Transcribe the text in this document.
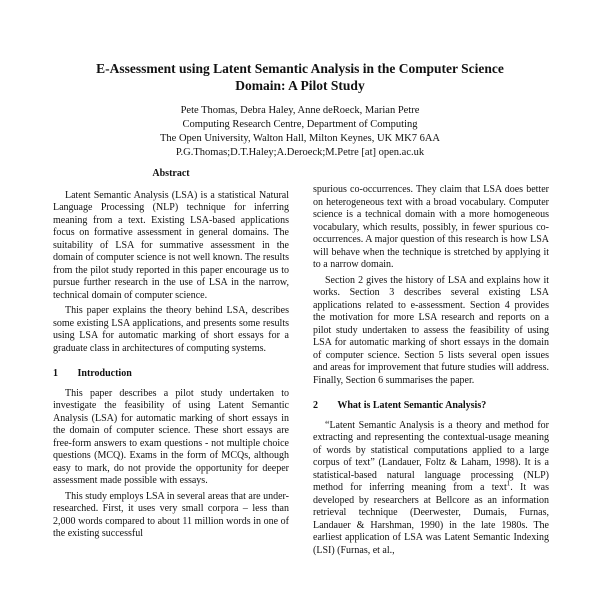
E-Assessment using Latent Semantic Analysis in the Computer Science
Domain: A Pilot Study
Pete Thomas, Debra Haley, Anne deRoeck, Marian Petre
Computing Research Centre, Department of Computing
The Open University, Walton Hall, Milton Keynes, UK MK7 6AA
P.G.Thomas;D.T.Haley;A.Deroeck;M.Petre [at] open.ac.uk
Abstract

Latent Semantic Analysis (LSA) is a statistical Natural Language Processing (NLP) technique for inferring meaning from a text. Existing LSA-based applications focus on formative assessment in general domains. The suitability of LSA for summative assessment in the domain of computer science is not well known. The results from the pilot study reported in this paper encourage us to pursue further research in the use of LSA in the narrow, technical domain of computer science.

This paper explains the theory behind LSA, describes some existing LSA applications, and presents some results using LSA for automatic marking of short essays for a graduate class in architectures of computing systems.

1 Introduction

This paper describes a pilot study undertaken to investigate the feasibility of using Latent Semantic Analysis (LSA) for automatic marking of short essays in the domain of computer science. These short essays are free-form answers to exam questions - not multiple choice questions (MCQ). Exams in the form of MCQs, although easy to mark, do not provide the opportunity for deeper assessment made possible with essays.

This study employs LSA in several areas that are under-researched. First, it uses very small corpora – less than 2,000 words compared to about 11 million words in one of the existing successful

spurious co-occurrences. They claim that LSA does better on heterogeneous text with a broad vocabulary. Computer science is a technical domain with a more homogeneous vocabulary, which results, possibly, in fewer spurious co-occurrences. A major question of this research is how LSA will behave when the technique is stretched by applying it to a narrow domain.

Section 2 gives the history of LSA and explains how it works. Section 3 describes several existing LSA applications related to e-assessment. Section 4 provides the motivation for more LSA research and reports on a pilot study undertaken to assess the feasibility of using LSA for automatic marking of short essays in the domain of computer science. Section 5 lists several open issues and areas for improvement that future studies will address. Finally, Section 6 summarises the paper.

2 What is Latent Semantic Analysis?

“Latent Semantic Analysis is a theory and method for extracting and representing the contextual-usage meaning of words by statistical computations applied to a large corpus of text” (Landauer, Foltz & Laham, 1998). It is a statistical-based natural language processing (NLP) method for inferring meaning from a text$^1$. It was developed by researchers at Bellcore as an information retrieval technique (Deerwester, Dumais, Furnas, Landauer & Harshman, 1990) in the late 1980s. The earliest application of LSA was Latent Semantic Indexing (LSI) (Furnas, et al.,
